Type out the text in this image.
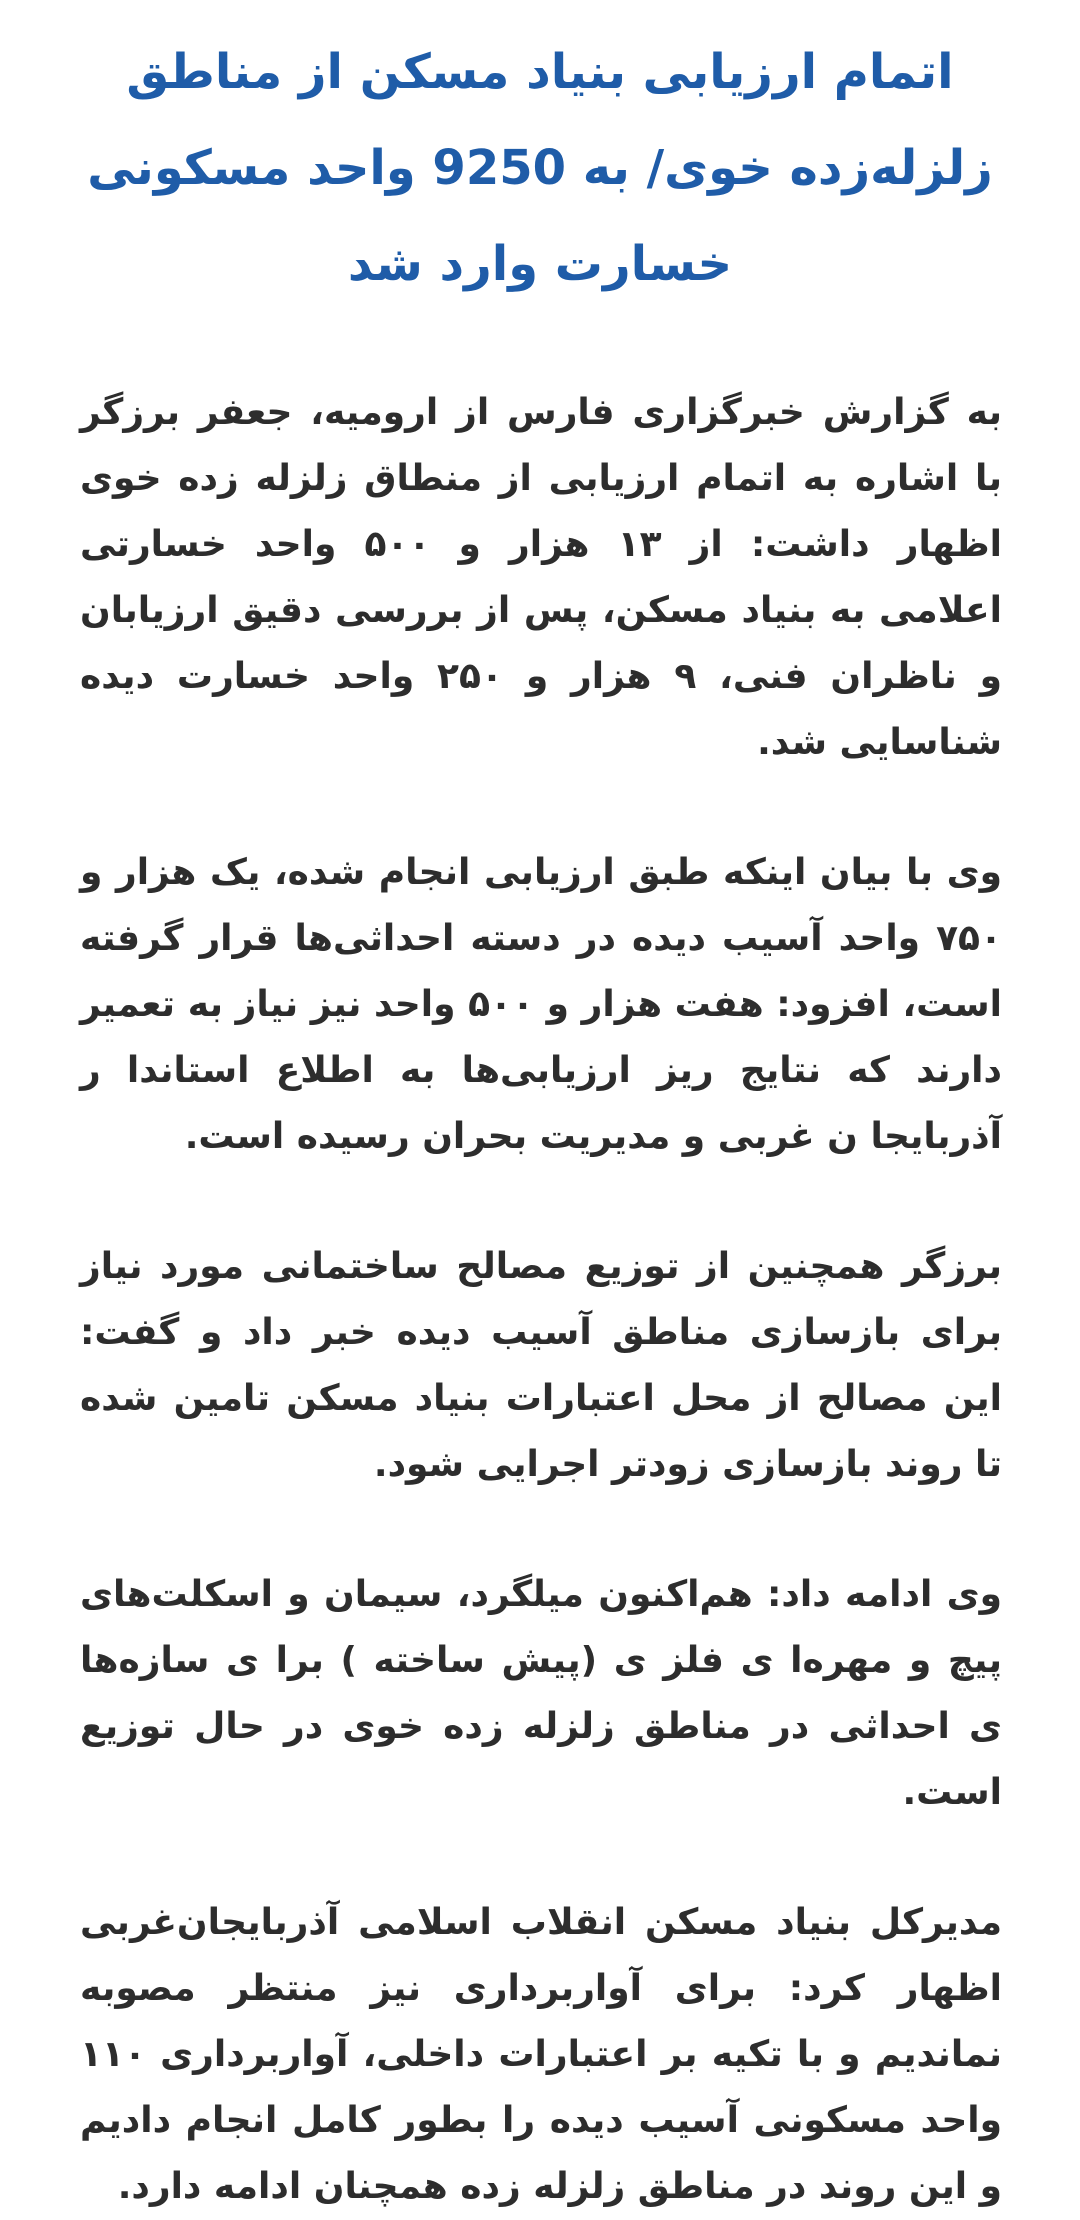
اتمام ارزیابی بنیاد مسکن از مناطق زلزله‌زده خوی/ به 9250 واحد مسکونی خسارت وارد شد

به گزارش خبرگزاری فارس از ارومیه، جعفر برزگر با اشاره به اتمام ارزیابی از منطاق زلزله زده خوی اظهار داشت: از ۱۳ هزار و ۵۰۰ واحد خسارتی اعلامی به بنیاد مسکن، پس از بررسی دقیق ارزیابان و ناظران فنی، ۹ هزار و ۲۵۰ واحد خسارت دیده شناسایی شد.

وی با بیان اینکه طبق ارزیابی انجام شده، یک هزار و ۷۵۰ واحد آسیب دیده در دسته احداثی‌ها قرار گرفته است، افزود: هفت هزار و ۵۰۰ واحد نیز نیاز به تعمیر دارند که نتایج ریز ارزیابی‌ها به اطلاع استاندا ر آذربایجا ن غربی و مدیریت بحران رسیده است.

برزگر همچنین از توزیع مصالح ساختمانی مورد نیاز برای بازسازی مناطق آسیب دیده خبر داد و گفت: این مصالح از محل اعتبارات بنیاد مسکن تامین شده تا روند بازسازی زودتر اجرایی شود.

وی ادامه داد: هم‌اکنون میلگرد، سیمان و اسکلت‌های پیچ و مهره‌ا ی فلز ی (پیش ساخته ) برا ی سازه‌ها ی احداثی در مناطق زلزله زده خوی در حال توزیع است.

مدیرکل بنیاد مسکن انقلاب اسلامی آذربایجان‌غربی اظهار کرد: برای آواربرداری نیز منتظر مصوبه نماندیم و با تکیه بر اعتبارات داخلی، آواربرداری ۱۱۰ واحد مسکونی آسیب دیده را بطور کامل انجام دادیم و این روند در مناطق زلزله زده همچنان ادامه دارد.
